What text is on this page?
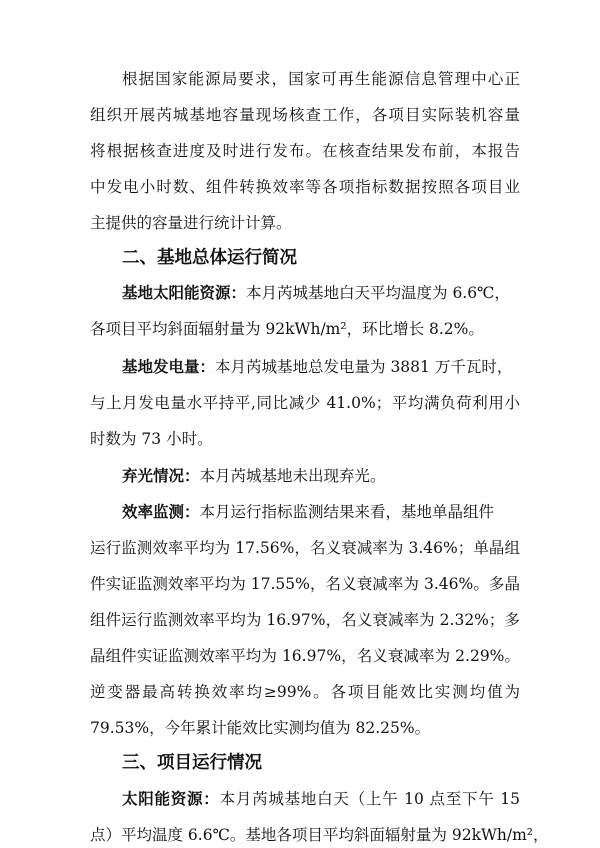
根据国家能源局要求，国家可再生能源信息管理中心正
组织开展芮城基地容量现场核查工作，各项目实际装机容量
将根据核查进度及时进行发布。在核查结果发布前，本报告
中发电小时数、组件转换效率等各项指标数据按照各项目业
主提供的容量进行统计计算。
二、基地总体运行简况
基地太阳能资源：本月芮城基地白天平均温度为 6.6℃，
各项目平均斜面辐射量为 92kWh/m²，环比增长 8.2%。
基地发电量：本月芮城基地总发电量为 3881 万千瓦时，
与上月发电量水平持平,同比减少 41.0%；平均满负荷利用小
时数为 73 小时。
弃光情况：本月芮城基地未出现弃光。
效率监测：本月运行指标监测结果来看，基地单晶组件
运行监测效率平均为 17.56%，名义衰减率为 3.46%；单晶组
件实证监测效率平均为 17.55%，名义衰减率为 3.46%。多晶
组件运行监测效率平均为 16.97%，名义衰减率为 2.32%；多
晶组件实证监测效率平均为 16.97%，名义衰减率为 2.29%。
逆变器最高转换效率均≥99%。各项目能效比实测均值为
79.53%，今年累计能效比实测均值为 82.25%。
三、项目运行情况
太阳能资源：本月芮城基地白天（上午 10 点至下午 15
点）平均温度 6.6℃。基地各项目平均斜面辐射量为 92kWh/m²，
